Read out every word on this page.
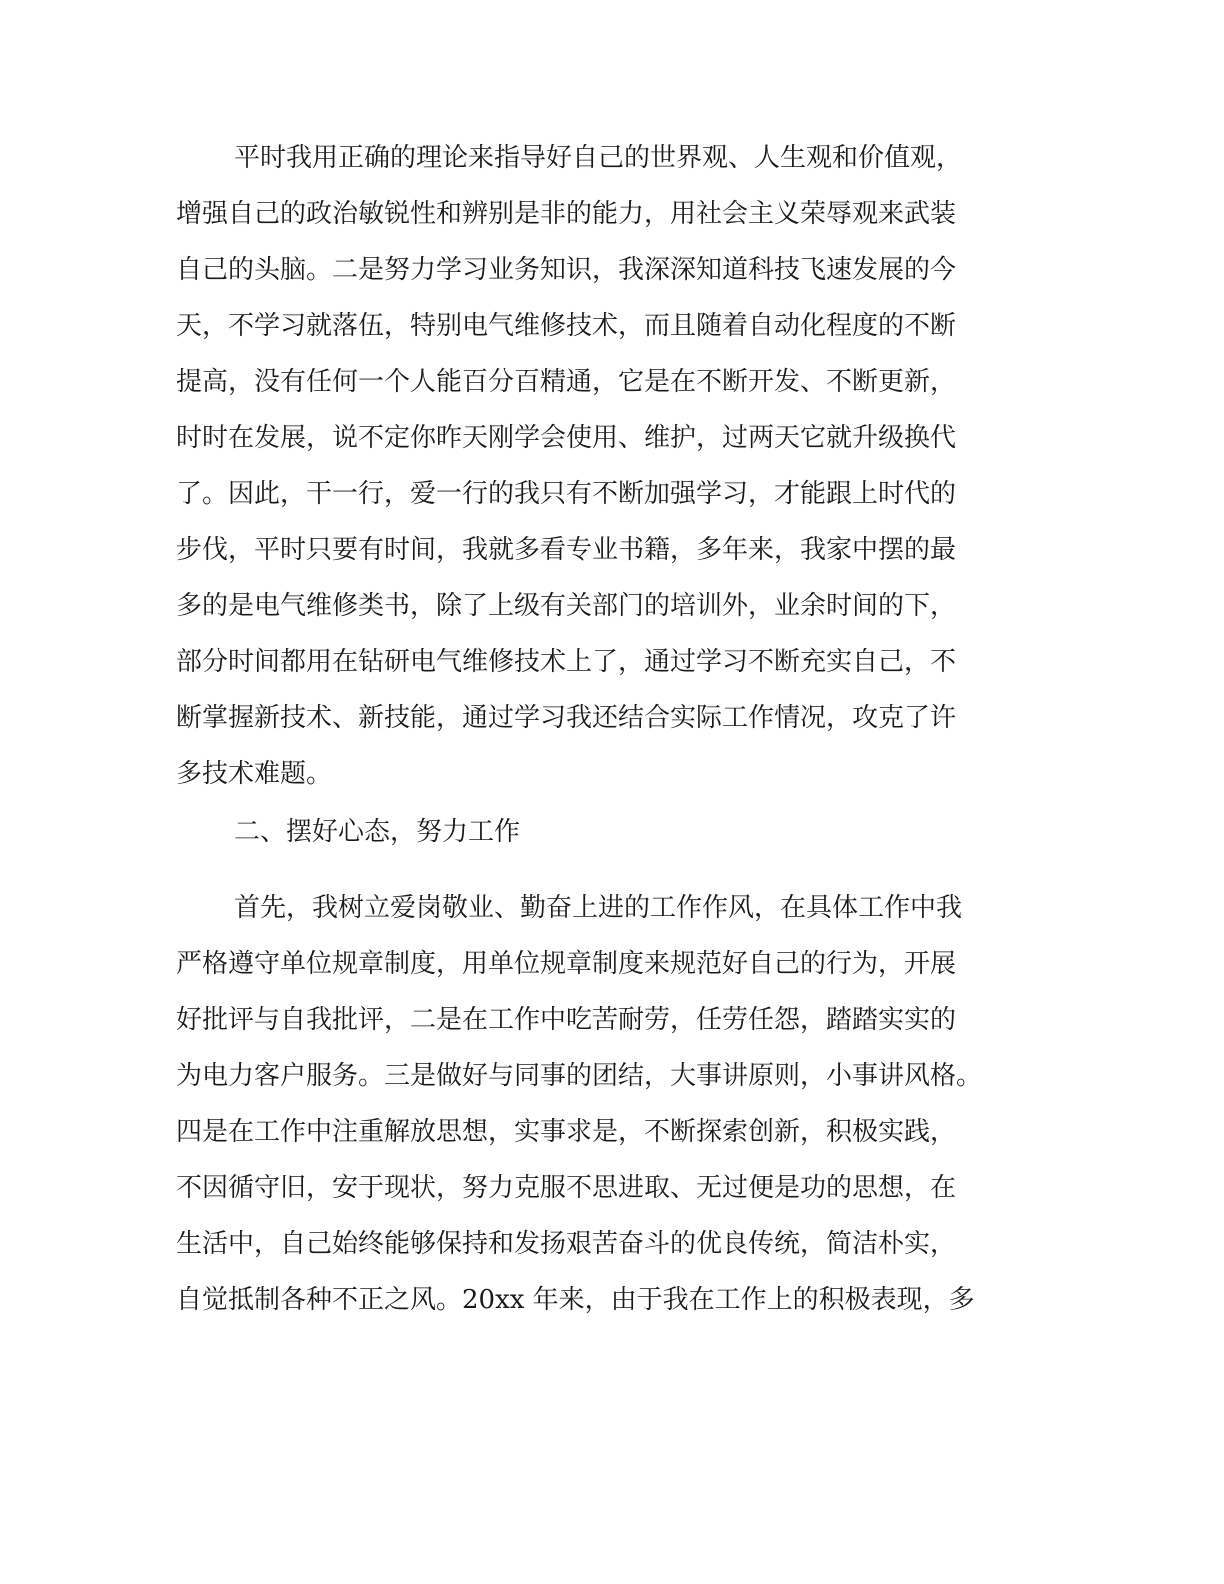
平时我用正确的理论来指导好自己的世界观、人生观和价值观，
增强自己的政治敏锐性和辨别是非的能力，用社会主义荣辱观来武装
自己的头脑。二是努力学习业务知识，我深深知道科技飞速发展的今
天，不学习就落伍，特别电气维修技术，而且随着自动化程度的不断
提高，没有任何一个人能百分百精通，它是在不断开发、不断更新，
时时在发展，说不定你昨天刚学会使用、维护，过两天它就升级换代
了。因此，干一行，爱一行的我只有不断加强学习，才能跟上时代的
步伐，平时只要有时间，我就多看专业书籍，多年来，我家中摆的最
多的是电气维修类书，除了上级有关部门的培训外，业余时间的下，
部分时间都用在钻研电气维修技术上了，通过学习不断充实自己，不
断掌握新技术、新技能，通过学习我还结合实际工作情况，攻克了许
多技术难题。
二、摆好心态，努力工作
首先，我树立爱岗敬业、勤奋上进的工作作风，在具体工作中我
严格遵守单位规章制度，用单位规章制度来规范好自己的行为，开展
好批评与自我批评，二是在工作中吃苦耐劳，任劳任怨，踏踏实实的
为电力客户服务。三是做好与同事的团结，大事讲原则，小事讲风格。
四是在工作中注重解放思想，实事求是，不断探索创新，积极实践，
不因循守旧，安于现状，努力克服不思进取、无过便是功的思想，在
生活中，自己始终能够保持和发扬艰苦奋斗的优良传统，简洁朴实，
自觉抵制各种不正之风。20xx 年来，由于我在工作上的积极表现，多
